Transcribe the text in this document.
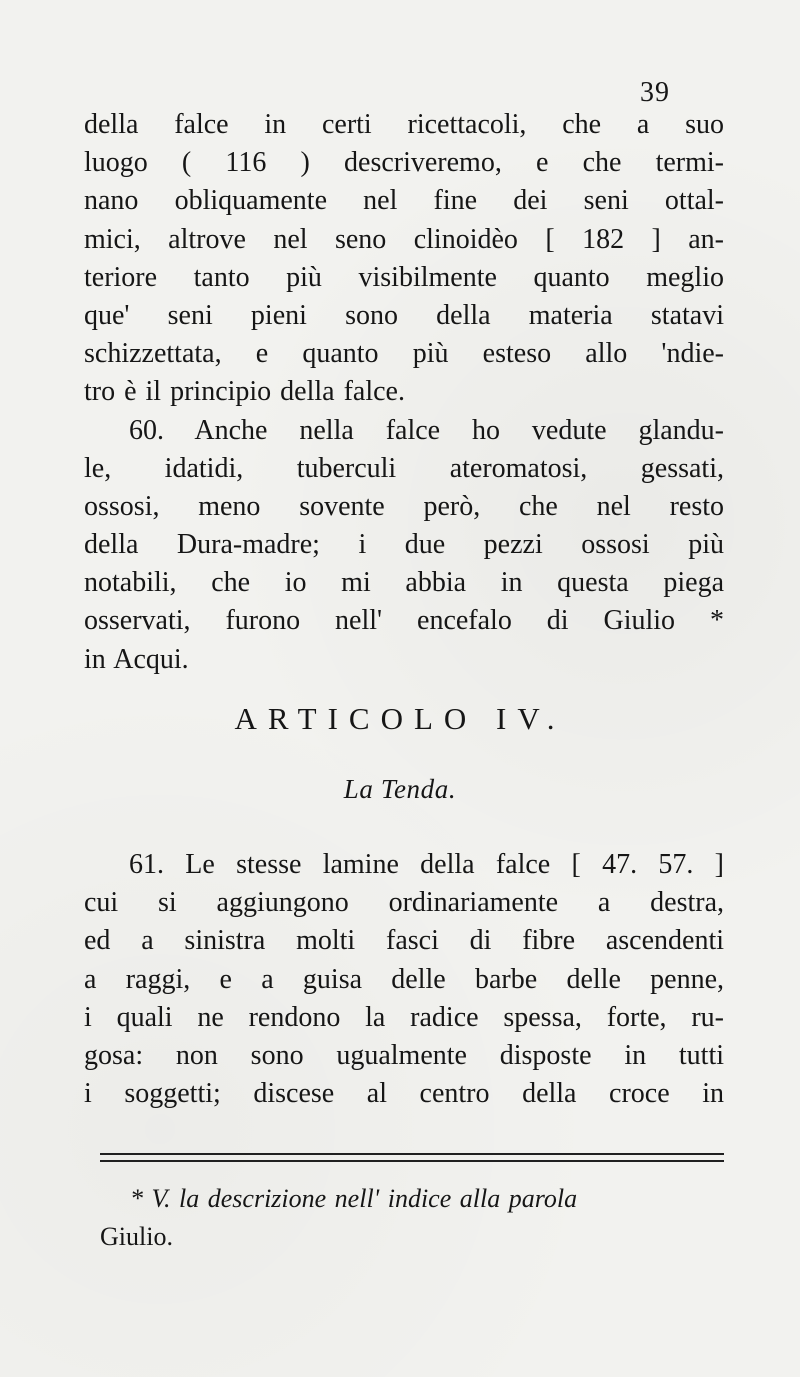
39
della falce in certi ricettacoli, che a suo
luogo ( 116 ) descriveremo, e che termi-
nano obliquamente nel fine dei seni ottal-
mici, altrove nel seno clinoidèo [ 182 ] an-
teriore tanto più visibilmente quanto meglio
que' seni pieni sono della materia statavi
schizzettata, e quanto più esteso allo 'ndie-
tro è il principio della falce.
60. Anche nella falce ho vedute glandu-
le, idatidi, tuberculi ateromatosi, gessati,
ossosi, meno sovente però, che nel resto
della Dura-madre; i due pezzi ossosi più
notabili, che io mi abbia in questa piega
osservati, furono nell' encefalo di Giulio *
in Acqui.
ARTICOLO IV.
La Tenda.
61. Le stesse lamine della falce [ 47. 57. ]
cui si aggiungono ordinariamente a destra,
ed a sinistra molti fasci di fibre ascendenti
a raggi, e a guisa delle barbe delle penne,
i quali ne rendono la radice spessa, forte, ru-
gosa: non sono ugualmente disposte in tutti
i soggetti; discese al centro della croce in
* V. la descrizione nell' indice alla parola
Giulio.
